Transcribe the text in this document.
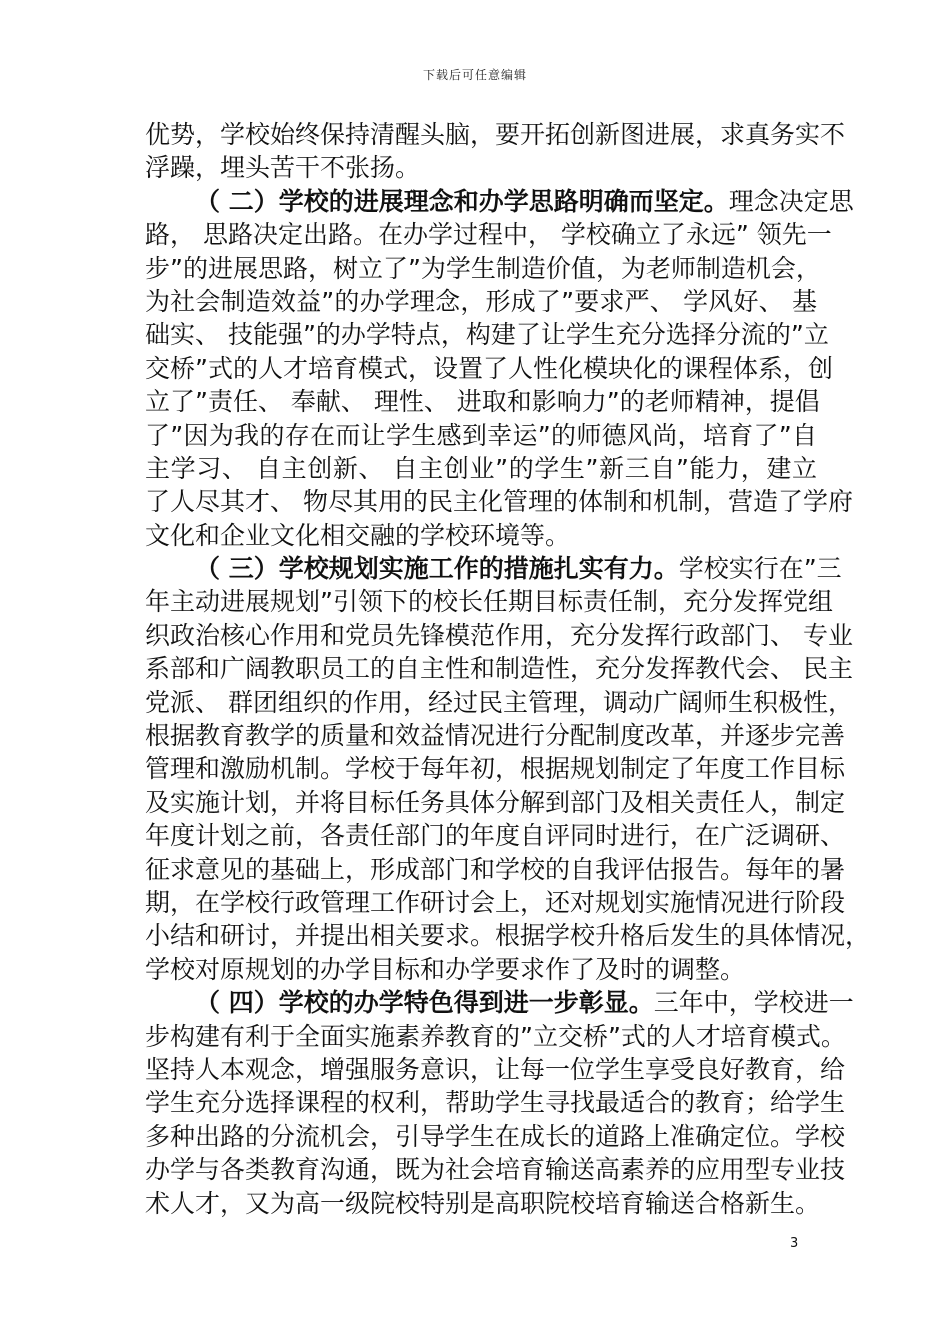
下载后可任意编辑
优势，学校始终保持清醒头脑，要开拓创新图进展，求真务实不
浮躁，埋头苦干不张扬。
（ 二）学校的进展理念和办学思路明确而坚定。理念决定思
路， 思路决定出路。在办学过程中， 学校确立了永远” 领先一
步”的进展思路，树立了”为学生制造价值，为老师制造机会，
为社会制造效益”的办学理念，形成了”要求严、 学风好、 基
础实、 技能强”的办学特点，构建了让学生充分选择分流的”立
交桥”式的人才培育模式，设置了人性化模块化的课程体系，创
立了”责任、 奉献、 理性、 进取和影响力”的老师精神，提倡
了”因为我的存在而让学生感到幸运”的师德风尚，培育了”自
主学习、 自主创新、 自主创业”的学生”新三自”能力，建立
了人尽其才、 物尽其用的民主化管理的体制和机制，营造了学府
文化和企业文化相交融的学校环境等。
（ 三）学校规划实施工作的措施扎实有力。学校实行在”三
年主动进展规划”引领下的校长任期目标责任制，充分发挥党组
织政治核心作用和党员先锋模范作用，充分发挥行政部门、 专业
系部和广阔教职员工的自主性和制造性，充分发挥教代会、 民主
党派、 群团组织的作用，经过民主管理，调动广阔师生积极性，
根据教育教学的质量和效益情况进行分配制度改革，并逐步完善
管理和激励机制。学校于每年初，根据规划制定了年度工作目标
及实施计划，并将目标任务具体分解到部门及相关责任人，制定
年度计划之前，各责任部门的年度自评同时进行，在广泛调研、
征求意见的基础上，形成部门和学校的自我评估报告。每年的暑
期，在学校行政管理工作研讨会上，还对规划实施情况进行阶段
小结和研讨，并提出相关要求。根据学校升格后发生的具体情况，
学校对原规划的办学目标和办学要求作了及时的调整。
（ 四）学校的办学特色得到进一步彰显。三年中，学校进一
步构建有利于全面实施素养教育的”立交桥”式的人才培育模式。
坚持人本观念，增强服务意识，让每一位学生享受良好教育，给
学生充分选择课程的权利，帮助学生寻找最适合的教育；给学生
多种出路的分流机会，引导学生在成长的道路上准确定位。学校
办学与各类教育沟通，既为社会培育输送高素养的应用型专业技
术人才，又为高一级院校特别是高职院校培育输送合格新生。
3
